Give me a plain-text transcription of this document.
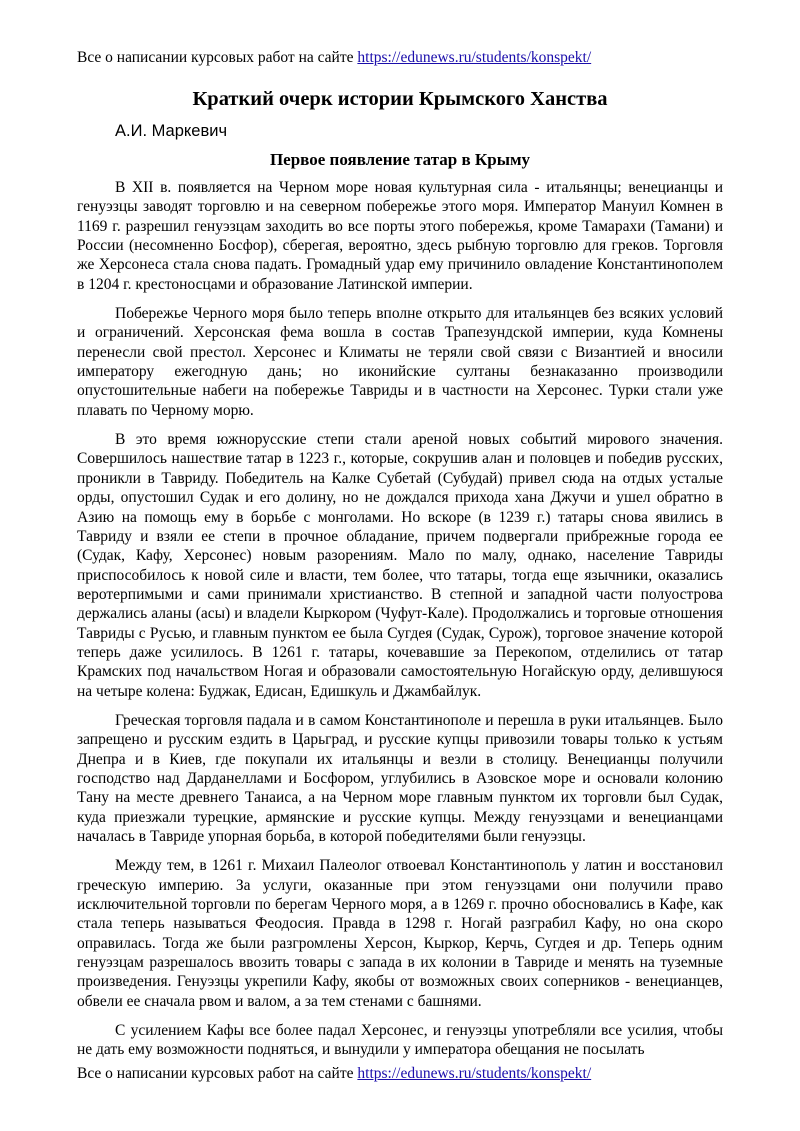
Все о написании курсовых работ на сайте https://edunews.ru/students/konspekt/
Краткий очерк истории Крымского Ханства
А.И. Маркевич
Первое появление татар в Крыму

В XII в. появляется на Черном море новая культурная сила - итальянцы; венецианцы и генуэзцы заводят торговлю и на северном побережье этого моря. Император Мануил Комнен в 1169 г. разрешил генуэзцам заходить во все порты этого побережья, кроме Тамарахи (Тамани) и России (несомненно Босфор), сберегая, вероятно, здесь рыбную торговлю для греков. Торговля же Херсонеса стала снова падать. Громадный удар ему причинило овладение Константинополем в 1204 г. крестоносцами и образование Латинской империи.

Побережье Черного моря было теперь вполне открыто для итальянцев без всяких условий и ограничений. Херсонская фема вошла в состав Трапезундской империи, куда Комнены перенесли свой престол. Херсонес и Климаты не теряли свой связи с Византией и вносили императору ежегодную дань; но иконийские султаны безнаказанно производили опустошительные набеги на побережье Тавриды и в частности на Херсонес. Турки стали уже плавать по Черному морю.

В это время южнорусские степи стали ареной новых событий мирового значения. Совершилось нашествие татар в 1223 г., которые, сокрушив алан и половцев и победив русских, проникли в Тавриду. Победитель на Калке Субетай (Субудай) привел сюда на отдых усталые орды, опустошил Судак и его долину, но не дождался прихода хана Джучи и ушел обратно в Азию на помощь ему в борьбе с монголами. Но вскоре (в 1239 г.) татары снова явились в Тавриду и взяли ее степи в прочное обладание, причем подвергали прибрежные города ее (Судак, Кафу, Херсонес) новым разорениям. Мало по малу, однако, население Тавриды приспособилось к новой силе и власти, тем более, что татары, тогда еще язычники, оказались веротерпимыми и сами принимали христианство. В степной и западной части полуострова держались аланы (асы) и владели Кыркором (Чуфут-Кале). Продолжались и торговые отношения Тавриды с Русью, и главным пунктом ее была Сугдея (Судак, Сурож), торговое значение которой теперь даже усилилось. В 1261 г. татары, кочевавшие за Перекопом, отделились от татар Крамских под начальством Ногая и образовали самостоятельную Ногайскую орду, делившуюся на четыре колена: Буджак, Едисан, Едишкуль и Джамбайлук.

Греческая торговля падала и в самом Константинополе и перешла в руки итальянцев. Было запрещено и русским ездить в Царьград, и русские купцы привозили товары только к устьям Днепра и в Киев, где покупали их итальянцы и везли в столицу. Венецианцы получили господство над Дарданеллами и Босфором, углубились в Азовское море и основали колонию Тану на месте древнего Танаиса, а на Черном море главным пунктом их торговли был Судак, куда приезжали турецкие, армянские и русские купцы. Между генуэзцами и венецианцами началась в Тавриде упорная борьба, в которой победителями были генуэзцы.

Между тем, в 1261 г. Михаил Палеолог отвоевал Константинополь у латин и восстановил греческую империю. За услуги, оказанные при этом генуэзцами они получили право исключительной торговли по берегам Черного моря, а в 1269 г. прочно обосновались в Кафе, как стала теперь называться Феодосия. Правда в 1298 г. Ногай разграбил Кафу, но она скоро оправилась. Тогда же были разгромлены Херсон, Кыркор, Керчь, Сугдея и др. Теперь одним генуэзцам разрешалось ввозить товары с запада в их колонии в Тавриде и менять на туземные произведения. Генуэзцы укрепили Кафу, якобы от возможных своих соперников - венецианцев, обвели ее сначала рвом и валом, а за тем стенами с башнями.

С усилением Кафы все более падал Херсонес, и генуэзцы употребляли все усилия, чтобы не дать ему возможности подняться, и вынудили у императора обещания не посылать

Все о написании курсовых работ на сайте https://edunews.ru/students/konspekt/
